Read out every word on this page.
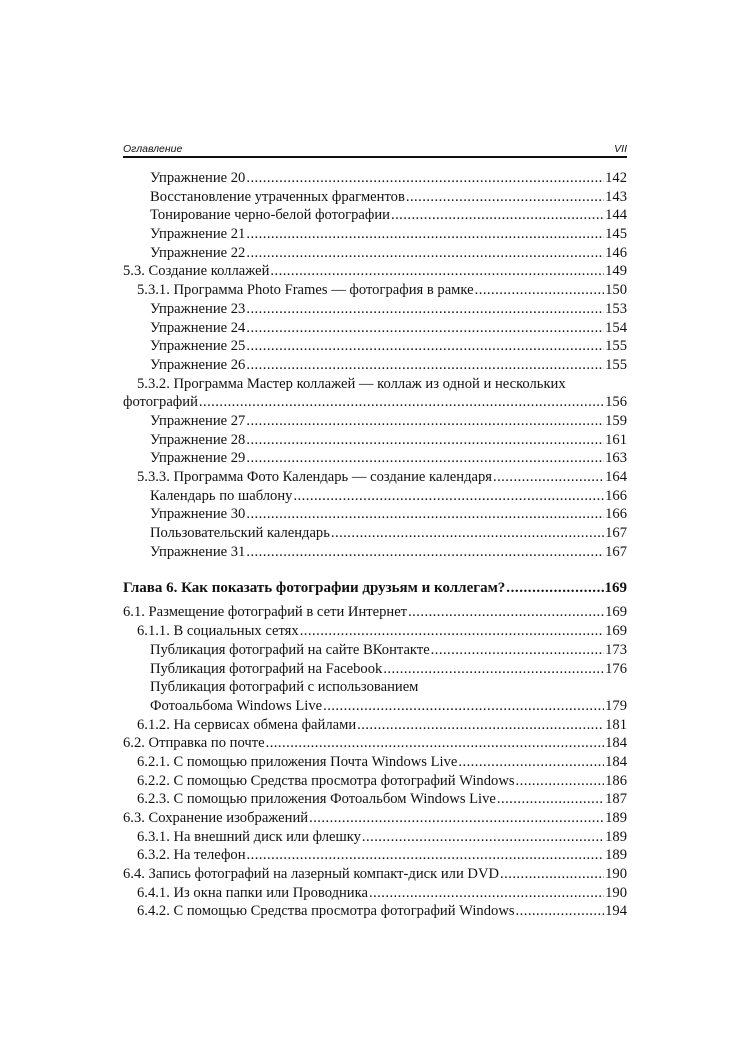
Оглавление	VII
Упражнение 20 . . .	142
Восстановление утраченных фрагментов . . .	143
Тонирование черно-белой фотографии . . .	144
Упражнение 21 . . .	145
Упражнение 22 . . .	146
5.3. Создание коллажей . . .	149
5.3.1. Программа Photo Frames — фотография в рамке . . .	150
Упражнение 23 . . .	153
Упражнение 24 . . .	154
Упражнение 25 . . .	155
Упражнение 26 . . .	155
5.3.2. Программа Мастер коллажей — коллаж из одной и нескольких
фотографий . . .	156
Упражнение 27 . . .	159
Упражнение 28 . . .	161
Упражнение 29 . . .	163
5.3.3. Программа Фото Календарь — создание календаря . . .	164
Календарь по шаблону . . .	166
Упражнение 30 . . .	166
Пользовательский календарь . . .	167
Упражнение 31 . . .	167
Глава 6. Как показать фотографии друзьям и коллегам? . . .	169
6.1. Размещение фотографий в сети Интернет . . .	169
6.1.1. В социальных сетях . . .	169
Публикация фотографий на сайте ВКонтакте . . .	173
Публикация фотографий на Facebook . . .	176
Публикация фотографий с использованием
Фотоальбома Windows Live . . .	179
6.1.2. На сервисах обмена файлами . . .	181
6.2. Отправка по почте . . .	184
6.2.1. С помощью приложения Почта Windows Live . . .	184
6.2.2. С помощью Средства просмотра фотографий Windows . . .	186
6.2.3. С помощью приложения Фотоальбом Windows Live . . .	187
6.3. Сохранение изображений . . .	189
6.3.1. На внешний диск или флешку . . .	189
6.3.2. На телефон . . .	189
6.4. Запись фотографий на лазерный компакт-диск или DVD . . .	190
6.4.1. Из окна папки или Проводника . . .	190
6.4.2. С помощью Средства просмотра фотографий Windows . . .	194
